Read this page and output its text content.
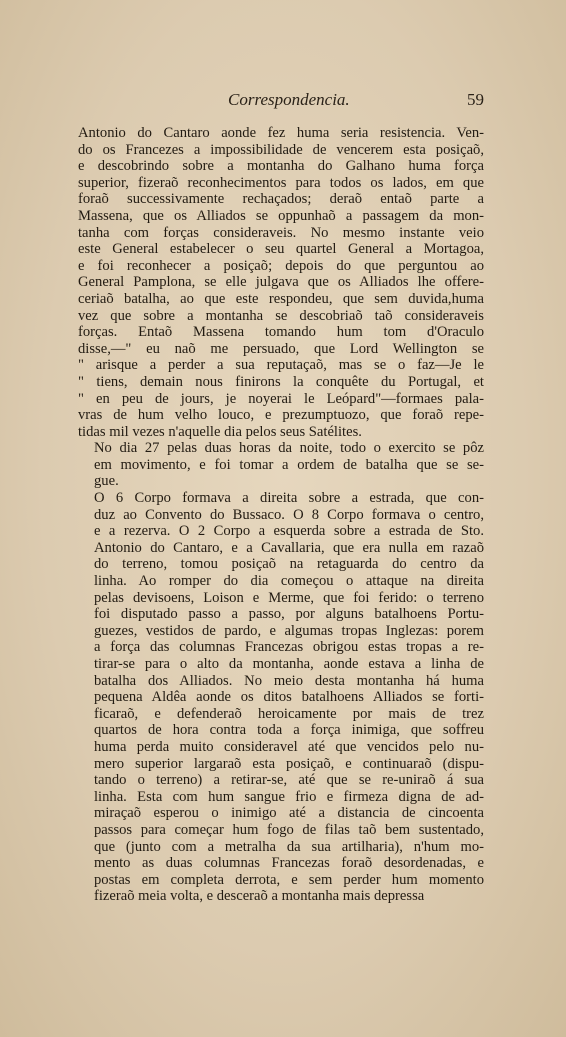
Correspondencia.	59
Antonio do Cantaro aonde fez huma seria resistencia. Ven-
do os Francezes a impossibilidade de vencerem esta posiçaõ,
e descobrindo sobre a montanha do Galhano huma força
superior, fizeraõ reconhecimentos para todos os lados, em que
foraõ successivamente rechaçados; deraõ entaõ parte a
Massena, que os Alliados se oppunhaõ a passagem da mon-
tanha com forças consideraveis. No mesmo instante veio
este General estabelecer o seu quartel General a Mortagoa,
e foi reconhecer a posiçaõ; depois do que perguntou ao
General Pamplona, se elle julgava que os Alliados lhe offere-
ceriaõ batalha, ao que este respondeu, que sem duvida,huma
vez que sobre a montanha se descobriaõ taõ consideraveis
forças. Entaõ Massena tomando hum tom d'Oraculo
disse,—" eu naõ me persuado, que Lord Wellington se
" arisque a perder a sua reputaçaõ, mas se o faz—Je le
" tiens, demain nous finirons la conquête du Portugal, et
" en peu de jours, je noyerai le Leópard"—formaes pala-
vras de hum velho louco, e prezumptuozo, que foraõ repe-
tidas mil vezes n'aquelle dia pelos seus Satélites.
No dia 27 pelas duas horas da noite, todo o exercito se pôz
em movimento, e foi tomar a ordem de batalha que se se-
gue.
O 6 Corpo formava a direita sobre a estrada, que con-
duz ao Convento do Bussaco. O 8 Corpo formava o centro,
e a rezerva. O 2 Corpo a esquerda sobre a estrada de Sto.
Antonio do Cantaro, e a Cavallaria, que era nulla em razaõ
do terreno, tomou posiçaõ na retaguarda do centro da
linha. Ao romper do dia começou o attaque na direita
pelas devisoens, Loison e Merme, que foi ferido: o terreno
foi disputado passo a passo, por alguns batalhoens Portu-
guezes, vestidos de pardo, e algumas tropas Inglezas: porem
a força das columnas Francezas obrigou estas tropas a re-
tirar-se para o alto da montanha, aonde estava a linha de
batalha dos Alliados. No meio desta montanha há huma
pequena Aldêa aonde os ditos batalhoens Alliados se forti-
ficaraõ, e defenderaõ heroicamente por mais de trez
quartos de hora contra toda a força inimiga, que soffreu
huma perda muito consideravel até que vencidos pelo nu-
mero superior largaraõ esta posiçaõ, e continuaraõ (dispu-
tando o terreno) a retirar-se, até que se re-uniraõ á sua
linha. Esta com hum sangue frio e firmeza digna de ad-
miraçaõ esperou o inimigo até a distancia de cincoenta
passos para começar hum fogo de filas taõ bem sustentado,
que (junto com a metralha da sua artilharia), n'hum mo-
mento as duas columnas Francezas foraõ desordenadas, e
postas em completa derrota, e sem perder hum momento
fizeraõ meia volta, e desceraõ a montanha mais depressa
